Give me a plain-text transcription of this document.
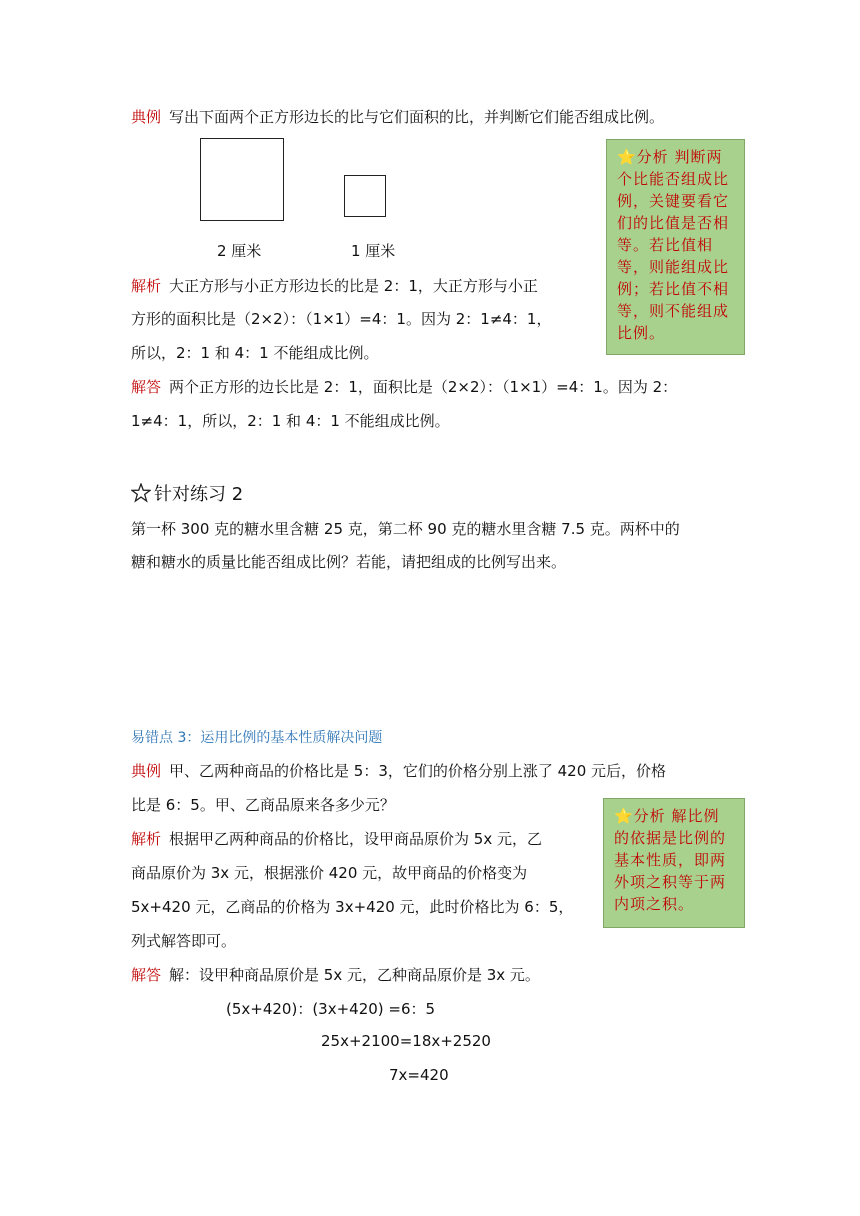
典例 写出下面两个正方形边长的比与它们面积的比，并判断它们能否组成比例。
2 厘米	1 厘米
⭐分析 判断两个比能否组成比例，关键要看它们的比值是否相等。若比值相等，则能组成比例；若比值不相等，则不能组成比例。
解析 大正方形与小正方形边长的比是 2：1，大正方形与小正
方形的面积比是（2×2）：（1×1）=4：1。因为 2：1≠4：1，
所以，2：1 和 4：1 不能组成比例。
解答 两个正方形的边长比是 2：1，面积比是（2×2）：（1×1）=4：1。因为 2：
1≠4：1，所以，2：1 和 4：1 不能组成比例。
针对练习 2
第一杯 300 克的糖水里含糖 25 克，第二杯 90 克的糖水里含糖 7.5 克。两杯中的
糖和糖水的质量比能否组成比例？若能，请把组成的比例写出来。
易错点 3：运用比例的基本性质解决问题
典例 甲、乙两种商品的价格比是 5：3，它们的价格分别上涨了 420 元后，价格
比是 6：5。甲、乙商品原来各多少元？
⭐分析 解比例的依据是比例的基本性质，即两外项之积等于两内项之积。
解析 根据甲乙两种商品的价格比，设甲商品原价为 5x 元，乙
商品原价为 3x 元，根据涨价 420 元，故甲商品的价格变为
5x+420 元，乙商品的价格为 3x+420 元，此时价格比为 6：5，
列式解答即可。
解答 解：设甲种商品原价是 5x 元，乙种商品原价是 3x 元。
(5x+420)：(3x+420) =6：5
25x+2100=18x+2520
7x=420
